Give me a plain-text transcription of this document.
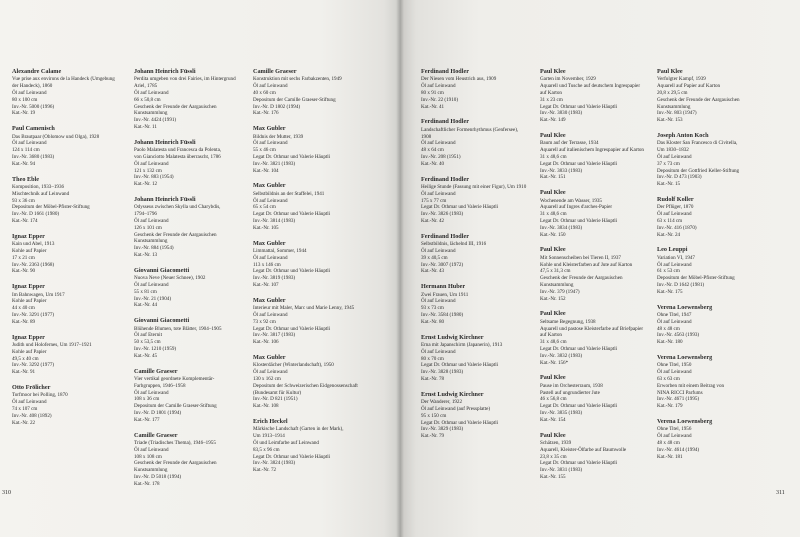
Alexandre Calame

Vue prise aux environs de la Handeck (Umgebung

der Handeck), 1860

Öl auf Leinwand

80 x 100 cm

Inv.-Nr. 5000 (1996)

Kat.-Nr. 19

Paul Camenisch

Das Brautpaar (Oblomow und Olga), 1928

Öl auf Leinwand

124 x 114 cm

Inv.-Nr. 3680 (1983)

Kat.-Nr. 94

Theo Eble

Komposition, 1933–1936

Mischtechnik auf Leinwand

93 x 36 cm

Depositum der Möbel-Pfister-Stiftung

Inv.-Nr. D 1661 (1980)

Kat.-Nr. 174

Ignaz Epper

Kain und Abel, 1913

Kohle auf Papier

17 x 21 cm

Inv.-Nr. 2363 (1968)

Kat.-Nr. 90

Ignaz Epper

Im Bahnwagen, Um 1917

Kohle auf Papier

44 x 40 cm

Inv.-Nr. 3291 (1977)

Kat.-Nr. 89

Ignaz Epper

Judith und Holofernes, Um 1917–1921

Kohle auf Papier

49,5 x 40 cm

Inv.-Nr. 3292 (1977)

Kat.-Nr. 91

Otto Frölicher

Torfmoor bei Polling, 1870

Öl auf Leinwand

74 x 107 cm

Inv.-Nr. 408 (1892)

Kat.-Nr. 22

Johann Heinrich Füssli

Perdita umgeben von drei Fairies, im Hintergrund

Ariel, 1785

Öl auf Leinwand

66 x 50,8 cm

Geschenk der Freunde der Aargauischen

Kunstsammlung

Inv.-Nr. 4424 (1991)

Kat.-Nr. 11

Johann Heinrich Füssli

Paolo Malatesta und Francesca da Polenta,

von Gianciotto Malatesta überrascht, 1786

Öl auf Leinwand

121 x 132 cm

Inv.-Nr. 883 (1954)

Kat.-Nr. 12

Johann Heinrich Füssli

Odysseus zwischen Skylla und Charybdis,

1794–1796

Öl auf Leinwand

126 x 101 cm

Geschenk der Freunde der Aargauischen

Kunstsammlung

Inv.-Nr. 884 (1954)

Kat.-Nr. 13

Giovanni Giacometti

Nuova Neve (Neuer Schnee), 1902

Öl auf Leinwand

55 x 81 cm

Inv.-Nr. 21 (1904)

Kat.-Nr. 44

Giovanni Giacometti

Blühende Blumen, tote Blätter, 1904–1905

Öl auf Eternit

50 x 53,5 cm

Inv.-Nr. 1210 (1959)

Kat.-Nr. 45

Camille Graeser

Vier vertikal geordnete Komplementär-

Farbgruppen, 1946–1958

Öl auf Leinwand

108 x 36 cm

Depositum der Camille Graeser-Stiftung

Inv.-Nr. D 1801 (1994)

Kat.-Nr. 177

Camille Graeser

Triade (Triadisches Thema), 1946–1955

Öl auf Leinwand

108 x 108 cm

Geschenk der Freunde der Aargauischen

Kunstsammlung

Inv.-Nr. D 5018 (1994)

Kat.-Nr. 178

Camille Graeser

Konstruktion mit sechs Farbakzenten, 1949

Öl auf Leinwand

40 x 60 cm

Depositum der Camille Graeser-Stiftung

Inv.-Nr. D 1802 (1994)

Kat.-Nr. 176

Max Gubler

Bildnis der Mutter, 1939

Öl auf Leinwand

55 x 46 cm

Legat Dr. Othmar und Valerie Häuptli

Inv.-Nr. 3821 (1983)

Kat.-Nr. 104

Max Gubler

Selbstbildnis an der Staffelei, 1941

Öl auf Leinwand

65 x 54 cm

Legat Dr. Othmar und Valerie Häuptli

Inv.-Nr. 3814 (1983)

Kat.-Nr. 105

Max Gubler

Limmattal, Sommer, 1944

Öl auf Leinwand

113 x 146 cm

Legat Dr. Othmar und Valerie Häuptli

Inv.-Nr. 3819 (1983)

Kat.-Nr. 107

Max Gubler

Interieur mit Maler, Marc und Marie Lenny, 1945

Öl auf Leinwand

73 x 92 cm

Legat Dr. Othmar und Valerie Häuptli

Inv.-Nr. 3817 (1983)

Kat.-Nr. 106

Max Gubler

Klosterdächer (Winterlandschaft), 1950

Öl auf Leinwand

130 x 162 cm

Depositum der Schweizerischen Eidgenossenschaft

(Bundesamt für Kultur)

Inv.-Nr. D 821 (1951)

Kat.-Nr. 108

Erich Heckel

Märkische Landschaft (Garten in der Mark),

Um 1913–1914

Öl und Leimfarbe auf Leinwand

83,5 x 96 cm

Legat Dr. Othmar und Valerie Häuptli

Inv.-Nr. 3824 (1983)

Kat.-Nr. 72

310

Ferdinand Hodler

Der Niesen vom Heustrich aus, 1909

Öl auf Leinwand

80 x 91 cm

Inv.-Nr. 22 (1910)

Kat.-Nr. 41

Ferdinand Hodler

Landschaftlicher Formenrhythmus (Genfersee),

1908

Öl auf Leinwand

48 x 64 cm

Inv.-Nr. 208 (1951)

Kat.-Nr. 40

Ferdinand Hodler

Heilige Stunde (Fassung mit einer Figur), Um 1910

Öl auf Leinwand

175 x 77 cm

Legat Dr. Othmar und Valerie Häuptli

Inv.-Nr. 3826 (1983)

Kat.-Nr. 42

Ferdinand Hodler

Selbstbildnis, lächelnd III, 1916

Öl auf Leinwand

39 x 40,5 cm

Inv.-Nr. 3007 (1972)

Kat.-Nr. 43

Hermann Huber

Zwei Frauen, Um 1911

Öl auf Leinwand

93 x 73 cm

Inv.-Nr. 3584 (1980)

Kat.-Nr. 80

Ernst Ludwig Kirchner

Erna mit Japanschirm (Japanerin), 1913

Öl auf Leinwand

80 x 70 cm

Legat Dr. Othmar und Valerie Häuptli

Inv.-Nr. 3828 (1983)

Kat.-Nr. 78

Ernst Ludwig Kirchner

Der Wanderer, 1922

Öl auf Leinwand (auf Pressplatte)

95 x 150 cm

Legat Dr. Othmar und Valerie Häuptli

Inv.-Nr. 3829 (1983)

Kat.-Nr. 79

Paul Klee

Garten im November, 1929

Aquarell und Tusche auf deutschem Ingrespapier

auf Karton

31 x 23 cm

Legat Dr. Othmar und Valerie Häuptli

Inv.-Nr. 3830 (1983)

Kat.-Nr. 149

Paul Klee

Baum auf der Terrasse, 1934

Aquarell auf italienischem Ingrespapier auf Karton

31 x 48,6 cm

Legat Dr. Othmar und Valerie Häuptli

Inv.-Nr. 3833 (1983)

Kat.-Nr. 151

Paul Klee

Wochenende am Wasser, 1935

Aquarell auf Ingres d'arches-Papier

31 x 48,6 cm

Legat Dr. Othmar und Valerie Häuptli

Inv.-Nr. 3834 (1983)

Kat.-Nr. 150

Paul Klee

Mit Sonnenscheiben bei Tieren II, 1937

Kohle und Kleisterfarben auf Jute auf Karton

47,5 x 31,3 cm

Geschenk der Freunde der Aargauischen

Kunstsammlung

Inv.-Nr. 379 (1947)

Kat.-Nr. 152

Paul Klee

Seltsame Begegnung, 1938

Aquarell und pastose Kleisterfarbe auf Briefpapier

auf Karton

31 x 48,6 cm

Legat Dr. Othmar und Valerie Häuptli

Inv.-Nr. 3832 (1983)

Kat.-Nr. 156*

Paul Klee

Pause im Orchesterraum, 1938

Pastell auf ungrundierter Jute

46 x 56,8 cm

Legat Dr. Othmar und Valerie Häuptli

Inv.-Nr. 3835 (1983)

Kat.-Nr. 154

Paul Klee

Schätzen, 1939

Aquarell, Kleister-Ölfarbe auf Baumwolle

23,8 x 35 cm

Legat Dr. Othmar und Valerie Häuptli

Inv.-Nr. 3831 (1983)

Kat.-Nr. 155

Paul Klee

Verfolgter Kampf, 1939

Aquarell auf Papier auf Karton

20,8 x 29,5 cm

Geschenk der Freunde der Aargauischen

Kunstsammlung

Inv.-Nr. 803 (1947)

Kat.-Nr. 153

Joseph Anton Koch

Das Kloster San Francesco di Civitella,

Um 1830–1832

Öl auf Leinwand

37 x 73 cm

Depositum der Gottfried Keller-Stiftung

Inv.-Nr. D 473 (1903)

Kat.-Nr. 15

Rudolf Koller

Der Pflüger, 1870

Öl auf Leinwand

63 x 114 cm

Inv.-Nr. 416 (1870)

Kat.-Nr. 24

Leo Leuppi

Variation VI, 1947

Öl auf Leinwand

61 x 53 cm

Depositum der Möbel-Pfister-Stiftung

Inv.-Nr. D 1642 (1981)

Kat.-Nr. 175

Verena Loewensberg

Ohne Titel, 1947

Öl auf Leinwand

48 x 48 cm

Inv.-Nr. 4563 (1993)

Kat.-Nr. 180

Verena Loewensberg

Ohne Titel, 1950

Öl auf Leinwand

63 x 63 cm

Erworben mit einem Beitrag von

NINA RICCI Parfums

Inv.-Nr. 4671 (1995)

Kat.-Nr. 179

Verena Loewensberg

Ohne Titel, 1956

Öl auf Leinwand

48 x 48 cm

Inv.-Nr. 4614 (1994)

Kat.-Nr. 181

311
